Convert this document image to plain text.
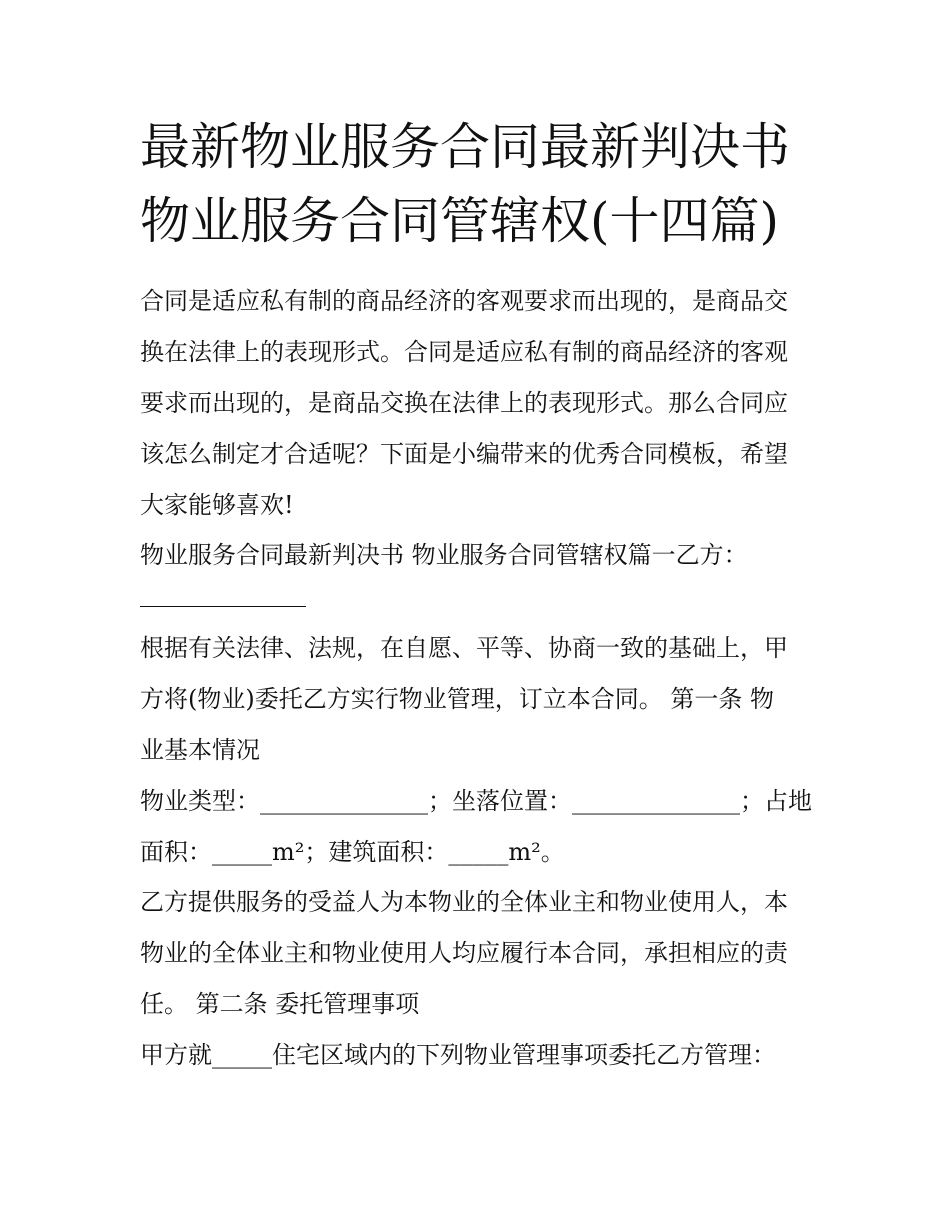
最新物业服务合同最新判决书
物业服务合同管辖权(十四篇)

合同是适应私有制的商品经济的客观要求而出现的，是商品交

换在法律上的表现形式。合同是适应私有制的商品经济的客观

要求而出现的，是商品交换在法律上的表现形式。那么合同应

该怎么制定才合适呢？下面是小编带来的优秀合同模板，希望

大家能够喜欢!

物业服务合同最新判决书 物业服务合同管辖权篇一乙方：

根据有关法律、法规，在自愿、平等、协商一致的基础上，甲

方将(物业)委托乙方实行物业管理，订立本合同。 第一条 物

业基本情况

物业类型：______________；坐落位置：______________；占地

面积：_____m²；建筑面积：_____m²。

乙方提供服务的受益人为本物业的全体业主和物业使用人，本

物业的全体业主和物业使用人均应履行本合同，承担相应的责

任。 第二条 委托管理事项

甲方就_____住宅区域内的下列物业管理事项委托乙方管理：
